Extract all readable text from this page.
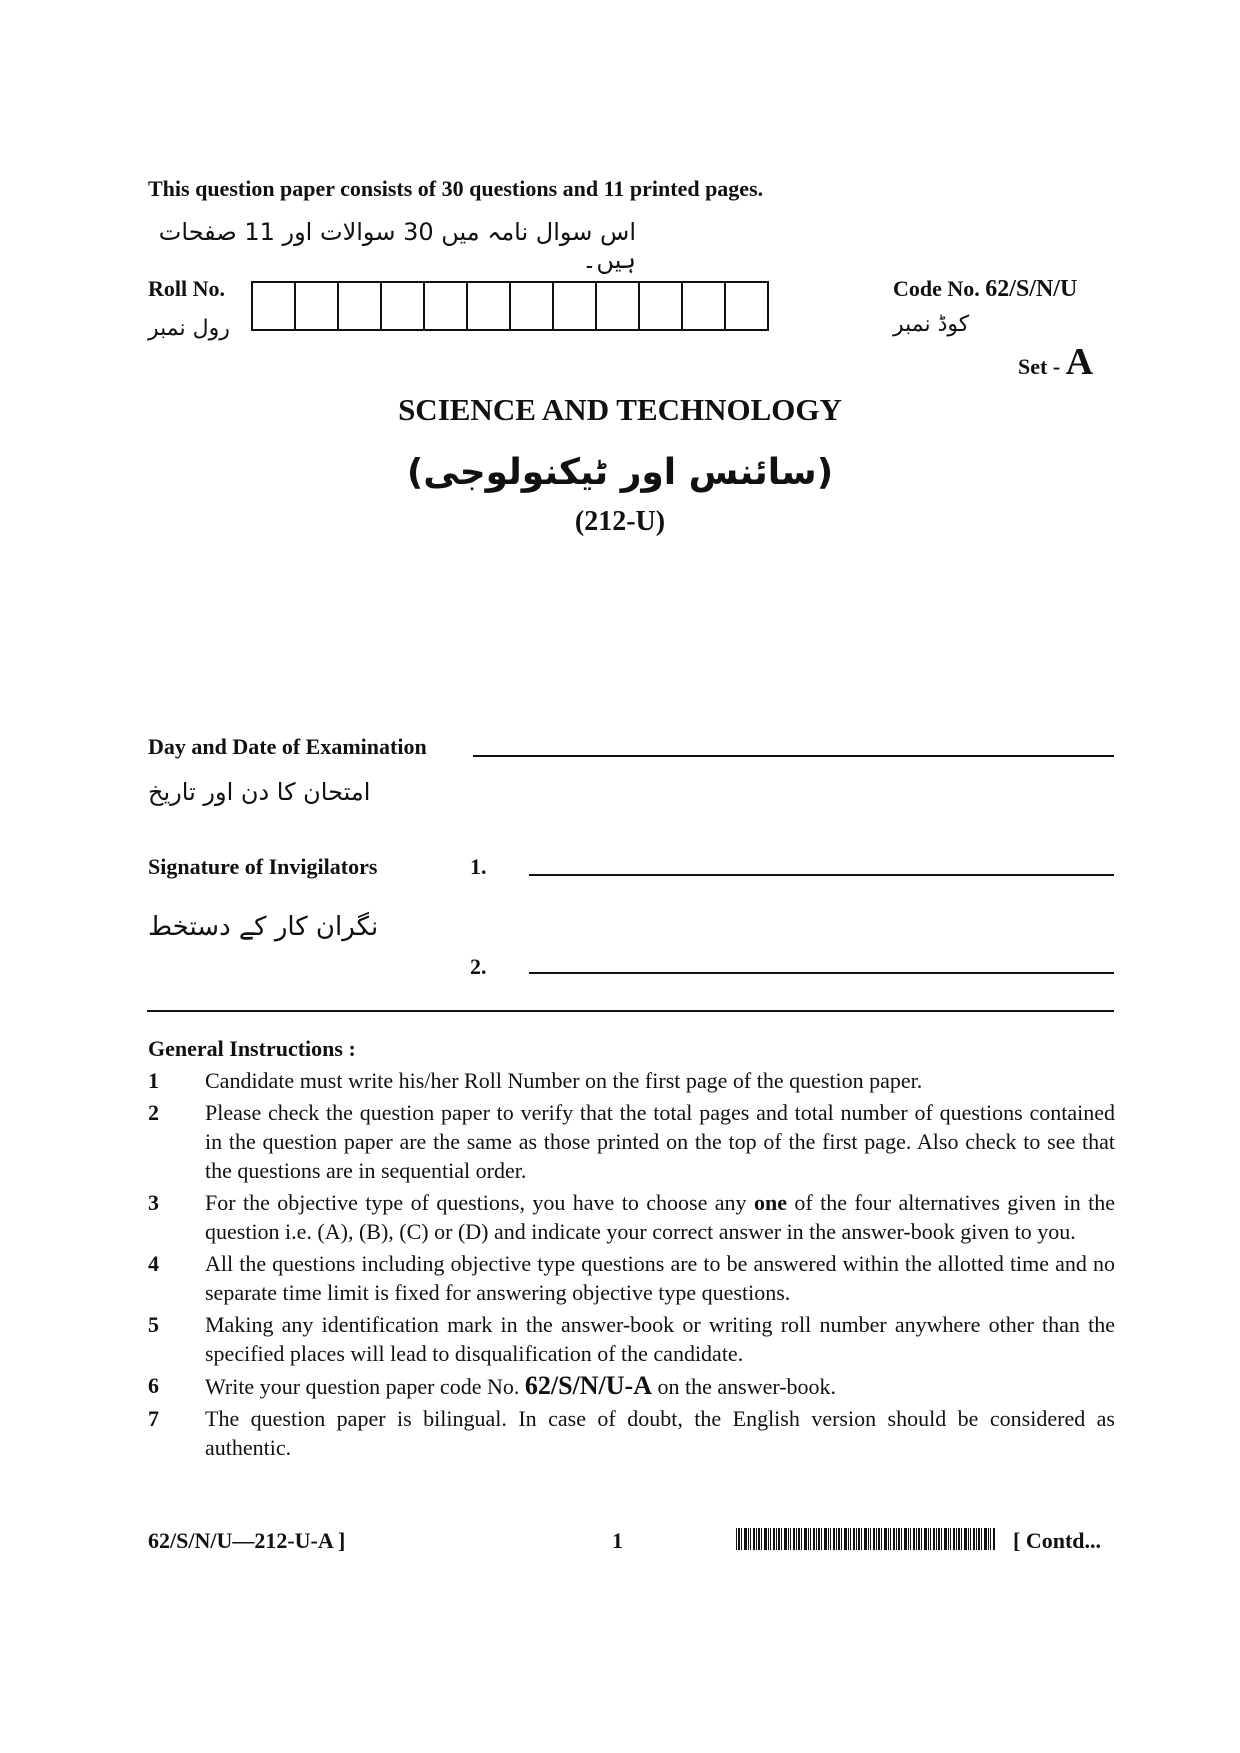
This question paper consists of 30 questions and 11 printed pages.
اس سوال نامہ میں 30 سوالات اور 11 صفحات ہیں۔
Roll No.
رول نمبر
Code No. 62/S/N/U
کوڈ نمبر
Set - A
SCIENCE AND TECHNOLOGY
(سائنس اور ٹیکنولوجی)
(212-U)
Day and Date of Examination
امتحان کا دن اور تاریخ
Signature of Invigilators
نگران کار کے دستخط
1.
2.
General Instructions :
1	Candidate must write his/her Roll Number on the first page of the question paper.
2	Please check the question paper to verify that the total pages and total number of questions contained in the question paper are the same as those printed on the top of the first page. Also check to see that the questions are in sequential order.
3	For the objective type of questions, you have to choose any one of the four alternatives given in the question i.e. (A), (B), (C) or (D) and indicate your correct answer in the answer-book given to you.
4	All the questions including objective type questions are to be answered within the allotted time and no separate time limit is fixed for answering objective type questions.
5	Making any identification mark in the answer-book or writing roll number anywhere other than the specified places will lead to disqualification of the candidate.
6	Write your question paper code No. 62/S/N/U-A on the answer-book.
7	The question paper is bilingual. In case of doubt, the English version should be considered as authentic.
62/S/N/U—212-U-A ]	1	[ Contd...
